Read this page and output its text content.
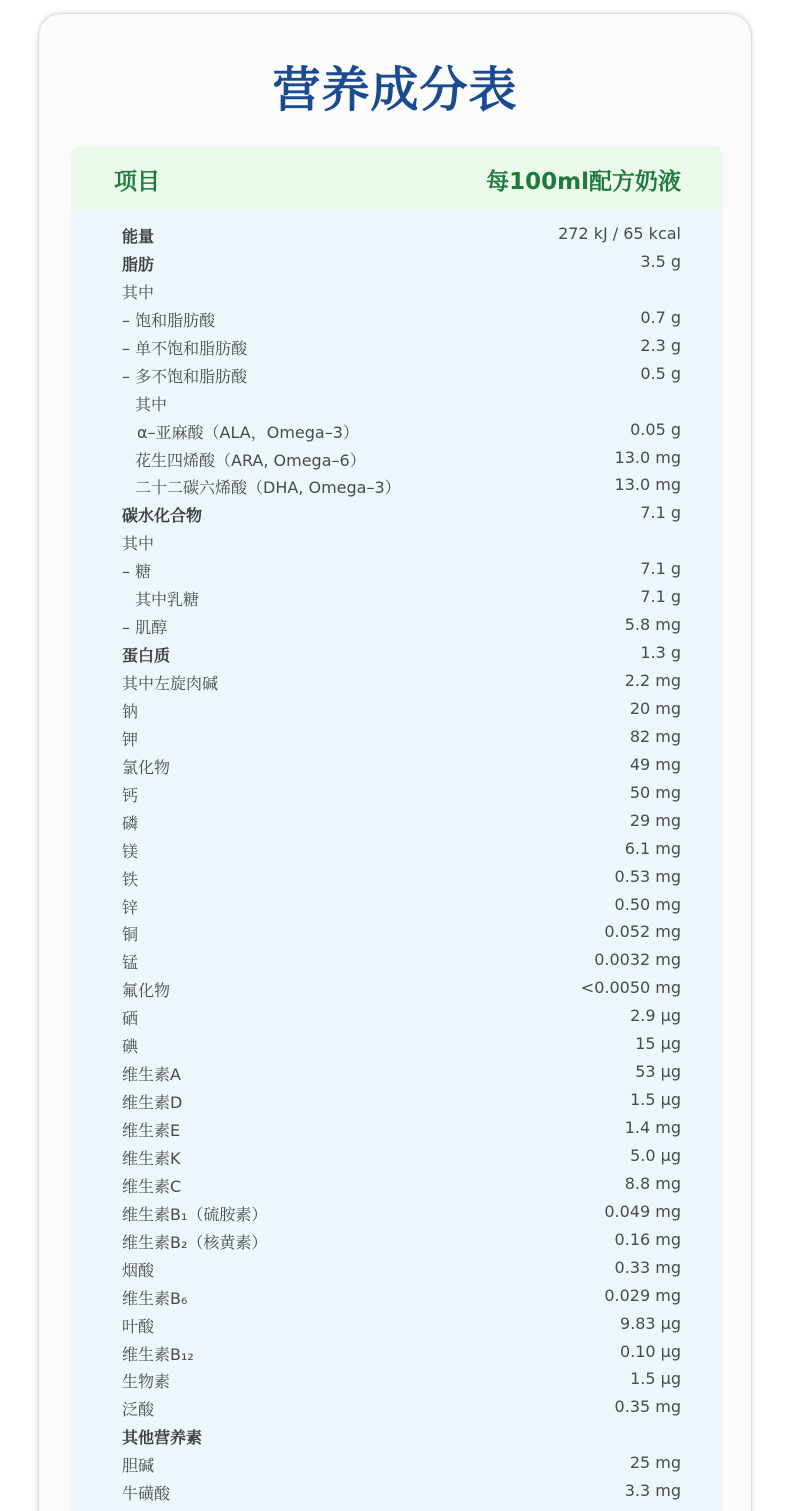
营养成分表
项目	每100ml配方奶液
能量	272 kJ / 65 kcal
脂肪	3.5 g
其中
– 饱和脂肪酸	0.7 g
– 单不饱和脂肪酸	2.3 g
– 多不饱和脂肪酸	0.5 g
其中
α–亚麻酸（ALA，Omega–3）	0.05 g
花生四烯酸（ARA, Omega–6）	13.0 mg
二十二碳六烯酸（DHA, Omega–3）	13.0 mg
碳水化合物	7.1 g
其中
– 糖	7.1 g
其中乳糖	7.1 g
– 肌醇	5.8 mg
蛋白质	1.3 g
其中左旋肉碱	2.2 mg
钠	20 mg
钾	82 mg
氯化物	49 mg
钙	50 mg
磷	29 mg
镁	6.1 mg
铁	0.53 mg
锌	0.50 mg
铜	0.052 mg
锰	0.0032 mg
氟化物	<0.0050 mg
硒	2.9 μg
碘	15 μg
维生素A	53 μg
维生素D	1.5 μg
维生素E	1.4 mg
维生素K	5.0 μg
维生素C	8.8 mg
维生素B₁（硫胺素）	0.049 mg
维生素B₂（核黄素）	0.16 mg
烟酸	0.33 mg
维生素B₆	0.029 mg
叶酸	9.83 μg
维生素B₁₂	0.10 μg
生物素	1.5 μg
泛酸	0.35 mg
其他营养素
胆碱	25 mg
牛磺酸	3.3 mg
